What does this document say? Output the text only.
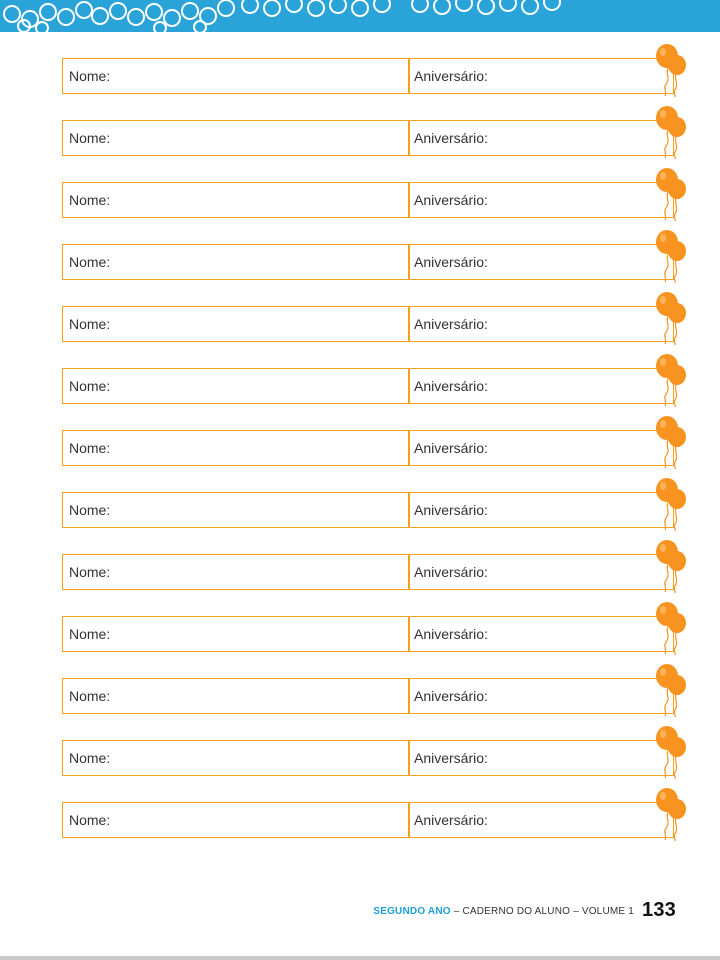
Nome:	Aniversário:
Nome:	Aniversário:
Nome:	Aniversário:
Nome:	Aniversário:
Nome:	Aniversário:
Nome:	Aniversário:
Nome:	Aniversário:
Nome:	Aniversário:
Nome:	Aniversário:
Nome:	Aniversário:
Nome:	Aniversário:
Nome:	Aniversário:
Nome:	Aniversário:
SEGUNDO ANO – CADERNO DO ALUNO – VOLUME 1 133
